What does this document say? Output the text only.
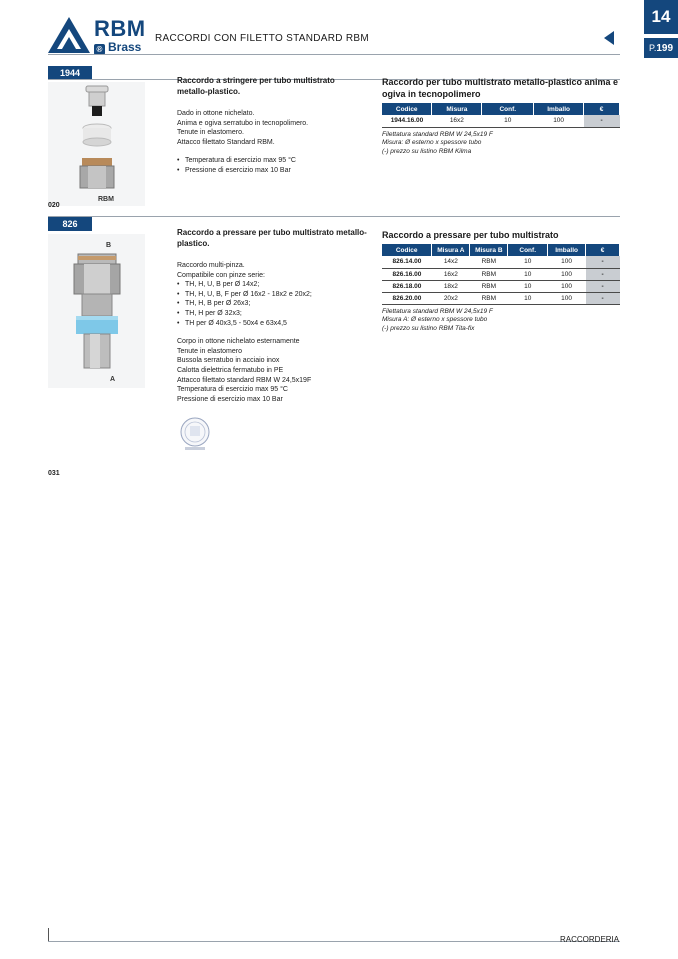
RBM
® Brass
RACCORDI CON FILETTO STANDARD RBM
14
P.199
1944
RBM
020
Raccordo a stringere per tubo multistrato metallo-plastico.
Dado in ottone nichelato.
Anima e ogiva serratubo in tecnopolimero.
Tenute in elastomero.
Attacco filettato Standard RBM.
• Temperatura di esercizio max 95 °C
• Pressione di esercizio max 10 Bar
Raccordo per tubo multistrato metallo-plastico anima e ogiva in tecnopolimero
Codice	Misura	Conf.	Imballo	€
1944.16.00	16x2	10	100	-
Filettatura standard RBM W 24,5x19 F
Misura: Ø esterno x spessore tubo
(-) prezzo su listino RBM Kilma
826
B
A
031
Raccordo a pressare per tubo multistrato metallo-plastico.
Raccordo multi-pinza.
Compatibile con pinze serie:
• TH, H, U, B per Ø 14x2;
• TH, H, U, B, F per Ø 16x2 - 18x2 e 20x2;
• TH, H, B per Ø 26x3;
• TH, H per Ø 32x3;
• TH per Ø 40x3,5 - 50x4 e 63x4,5
Corpo in ottone nichelato esternamente
Tenute in elastomero
Bussola serratubo in acciaio inox
Calotta dielettrica fermatubo in PE
Attacco filettato standard RBM W 24,5x19F
Temperatura di esercizio max 95 °C
Pressione di esercizio max 10 Bar
Raccordo a pressare per tubo multistrato
Codice	Misura A	Misura B	Conf.	Imballo	€
826.14.00	14x2	RBM	10	100	-
826.16.00	16x2	RBM	10	100	-
826.18.00	18x2	RBM	10	100	-
826.20.00	20x2	RBM	10	100	-
Filettatura standard RBM W 24,5x19 F
Misura A: Ø esterno x spessore tubo
(-) prezzo su listino RBM Tita-fix
RACCORDERIA
